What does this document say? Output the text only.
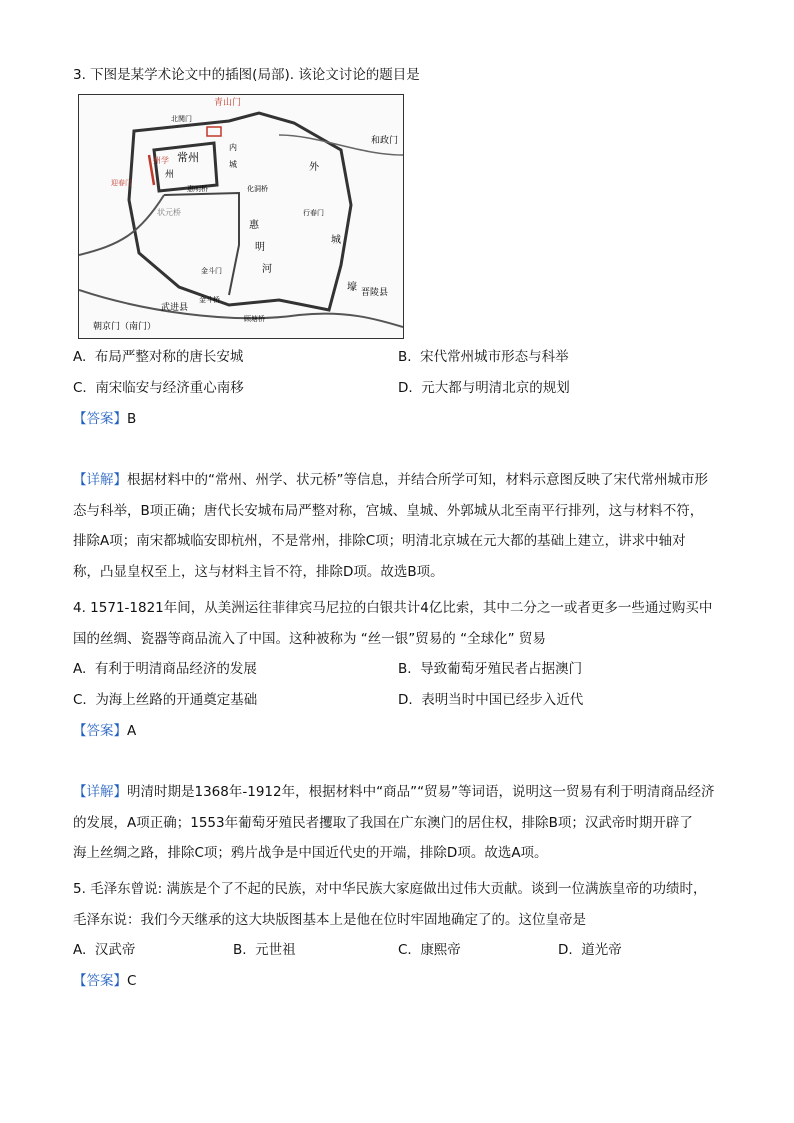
3. 下图是某学术论文中的插图(局部). 该论文讨论的题目是
青山门
北関门
和政门
州学 常州
内
城
州
迎春门
惠明桥	化洞桥
状元桥
外
行春门
惠
明
河
城
壕
金斗门
金斗桥
武进县
晋陵县
顾塘桥
朝京门（南门）
A. 布局严整对称的唐长安城	B. 宋代常州城市形态与科举
C. 南宋临安与经济重心南移	D. 元大都与明清北京的规划
【答案】B
【详解】根据材料中的“常州、州学、状元桥”等信息，并结合所学可知，材料示意图反映了宋代常州城市形
态与科举，B项正确；唐代长安城布局严整对称，宫城、皇城、外郭城从北至南平行排列，这与材料不符，
排除A项；南宋都城临安即杭州，不是常州，排除C项；明清北京城在元大都的基础上建立，讲求中轴对
称，凸显皇权至上，这与材料主旨不符，排除D项。故选B项。
4. 1571-1821年间，从美洲运往菲律宾马尼拉的白银共计4亿比索，其中二分之一或者更多一些通过购买中
国的丝绸、瓷器等商品流入了中国。这种被称为 “丝一银”贸易的 “全球化” 贸易
A. 有利于明清商品经济的发展	B. 导致葡萄牙殖民者占据澳门
C. 为海上丝路的开通奠定基础	D. 表明当时中国已经步入近代
【答案】A
【详解】明清时期是1368年-1912年，根据材料中“商品”“贸易”等词语，说明这一贸易有利于明清商品经济
的发展，A项正确；1553年葡萄牙殖民者攫取了我国在广东澳门的居住权，排除B项；汉武帝时期开辟了
海上丝绸之路，排除C项；鸦片战争是中国近代史的开端，排除D项。故选A项。
5. 毛泽东曾说: 满族是个了不起的民族，对中华民族大家庭做出过伟大贡献。谈到一位满族皇帝的功绩时，
毛泽东说：我们今天继承的这大块版图基本上是他在位时牢固地确定了的。这位皇帝是
A. 汉武帝	B. 元世祖	C. 康熙帝	D. 道光帝
【答案】C
